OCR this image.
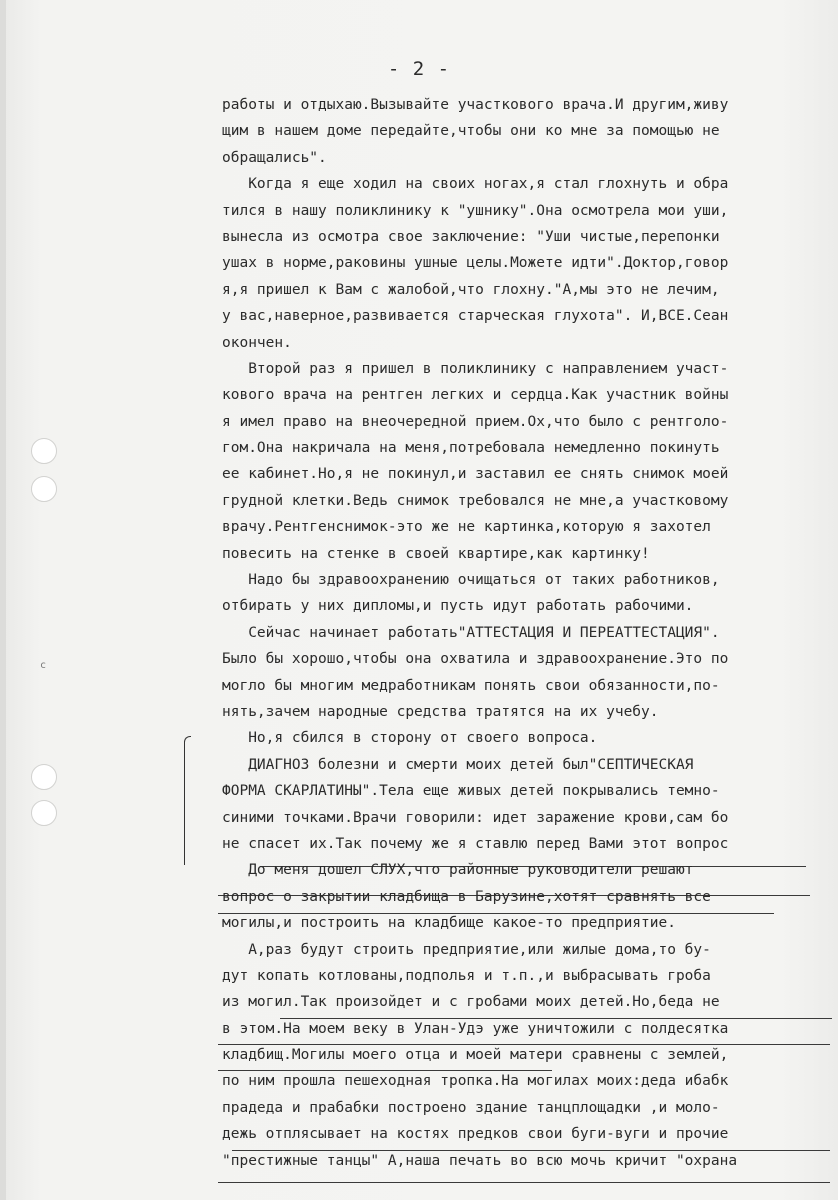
c
- 2 -
работы и отдыхаю.Вызывайте участкового врача.И другим,живу
щим в нашем доме передайте,чтобы они ко мне за помощью не
обращались".
Когда я еще ходил на своих ногах,я стал глохнуть и обра
тился в нашу поликлинику к "ушнику".Она осмотрела мои уши,
вынесла из осмотра свое заключение: "Уши чистые,перепонки
ушах в норме,раковины ушные целы.Можете идти".Доктор,говор
я,я пришел к Вам с жалобой,что глохну."А,мы это не лечим,
у вас,наверное,развивается старческая глухота". И,ВСЕ.Сеан
окончен.
Второй раз я пришел в поликлинику с направлением участ-
кового врача на рентген легких и сердца.Как участник войны
я имел право на внеочередной прием.Ох,что было с рентголо-
гом.Она накричала на меня,потребовала немедленно покинуть
ее кабинет.Но,я не покинул,и заставил ее снять снимок моей
грудной клетки.Ведь снимок требовался не мне,а участковому
врачу.Рентгенснимок-это же не картинка,которую я захотел
повесить на стенке в своей квартире,как картинку!
Надо бы здравоохранению очищаться от таких работников,
отбирать у них дипломы,и пусть идут работать рабочими.
Сейчас начинает работать"АТТЕСТАЦИЯ И ПЕРЕАТТЕСТАЦИЯ".
Было бы хорошо,чтобы она охватила и здравоохранение.Это по
могло бы многим медработникам понять свои обязанности,по-
нять,зачем народные средства тратятся на их учебу.
Но,я сбился в сторону от своего вопроса.
ДИАГНОЗ болезни и смерти моих детей был"СЕПТИЧЕСКАЯ
ФОРМА СКАРЛАТИНЫ".Тела еще живых детей покрывались темно-
синими точками.Врачи говорили: идет заражение крови,сам бо
не спасет их.Так почему же я ставлю перед Вами этот вопрос
До меня дошел СЛУХ,что районные руководители решают
вопрос о закрытии кладбища в Барузине,хотят сравнять все
могилы,и построить на кладбище какое-то предприятие.
А,раз будут строить предприятие,или жилые дома,то бу-
дут копать котлованы,подполья и т.п.,и выбрасывать гроба
из могил.Так произойдет и с гробами моих детей.Но,беда не
в этом.На моем веку в Улан-Удэ уже уничтожили с полдесятка
кладбищ.Могилы моего отца и моей матери сравнены с землей,
по ним прошла пешеходная тропка.На могилах моих:деда ибабк
прадеда и прабабки построено здание танцплощадки ,и моло-
дежь отплясывает на костях предков свои буги-вуги и прочие
"престижные танцы" А,наша печать во всю мочь кричит "охрана
